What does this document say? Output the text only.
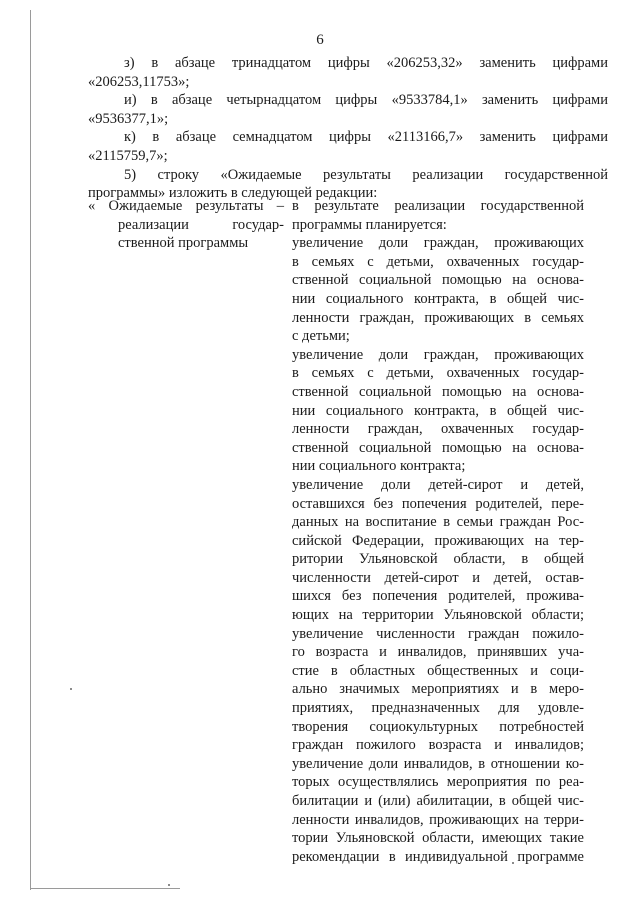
6
з) в абзаце тринадцатом цифры «206253,32» заменить цифрами
«206253,11753»;
и) в абзаце четырнадцатом цифры «9533784,1» заменить цифрами
«9536377,1»;
к) в абзаце семнадцатом цифры «2113166,7» заменить цифрами
«2115759,7»;
5) строку «Ожидаемые результаты реализации государственной
программы» изложить в следующей редакции:
« Ожидаемые результаты –
реализации государ-
ственной программы
в результате реализации государственной
программы планируется:
увеличение доли граждан, проживающих
в семьях с детьми, охваченных государ-
ственной социальной помощью на основа-
нии социального контракта, в общей чис-
ленности граждан, проживающих в семьях
с детьми;
увеличение доли граждан, проживающих
в семьях с детьми, охваченных государ-
ственной социальной помощью на основа-
нии социального контракта, в общей чис-
ленности граждан, охваченных государ-
ственной социальной помощью на основа-
нии социального контракта;
увеличение доли детей-сирот и детей,
оставшихся без попечения родителей, пере-
данных на воспитание в семьи граждан Рос-
сийской Федерации, проживающих на тер-
ритории Ульяновской области, в общей
численности детей-сирот и детей, остав-
шихся без попечения родителей, прожива-
ющих на территории Ульяновской области;
увеличение численности граждан пожило-
го возраста и инвалидов, принявших уча-
стие в областных общественных и соци-
ально значимых мероприятиях и в меро-
приятиях, предназначенных для удовле-
творения социокультурных потребностей
граждан пожилого возраста и инвалидов;
увеличение доли инвалидов, в отношении ко-
торых осуществлялись мероприятия по реа-
билитации и (или) абилитации, в общей чис-
ленности инвалидов, проживающих на терри-
тории Ульяновской области, имеющих такие
рекомендации в индивидуальной программе
